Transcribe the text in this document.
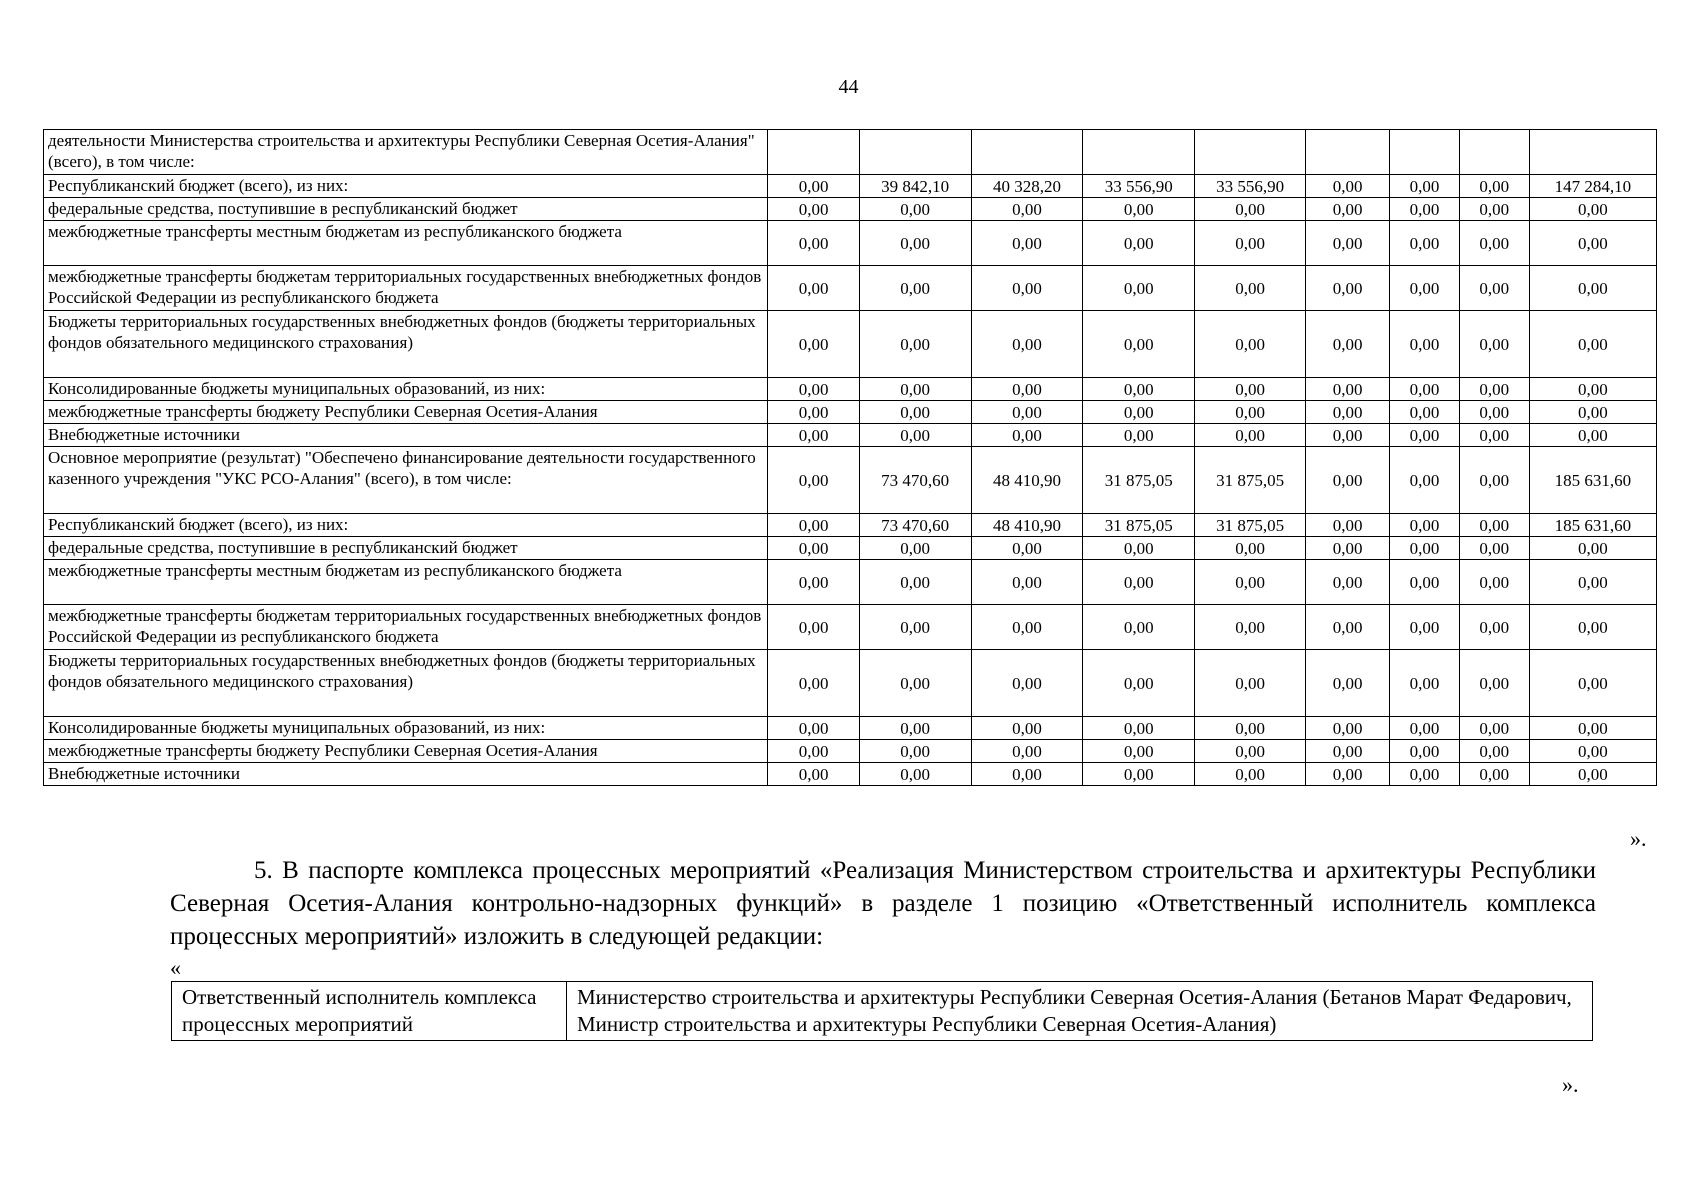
44
деятельности Министерства строительства и архитектуры Республики Северная Осетия-Алания" (всего), в том числе:									
Республиканский бюджет (всего), из них:	0,00	39 842,10	40 328,20	33 556,90	33 556,90	0,00	0,00	0,00	147 284,10
федеральные средства, поступившие в республиканский бюджет	0,00	0,00	0,00	0,00	0,00	0,00	0,00	0,00	0,00
межбюджетные трансферты местным бюджетам из республиканского бюджета	0,00	0,00	0,00	0,00	0,00	0,00	0,00	0,00	0,00
межбюджетные трансферты бюджетам территориальных государственных внебюджетных фондов Российской Федерации из республиканского бюджета	0,00	0,00	0,00	0,00	0,00	0,00	0,00	0,00	0,00
Бюджеты территориальных государственных внебюджетных фондов (бюджеты территориальных фондов обязательного медицинского страхования)	0,00	0,00	0,00	0,00	0,00	0,00	0,00	0,00	0,00
Консолидированные бюджеты муниципальных образований, из них:	0,00	0,00	0,00	0,00	0,00	0,00	0,00	0,00	0,00
межбюджетные трансферты бюджету Республики Северная Осетия-Алания	0,00	0,00	0,00	0,00	0,00	0,00	0,00	0,00	0,00
Внебюджетные источники	0,00	0,00	0,00	0,00	0,00	0,00	0,00	0,00	0,00
Основное мероприятие (результат) "Обеспечено финансирование деятельности государственного казенного учреждения "УКС РСО-Алания" (всего), в том числе:	0,00	73 470,60	48 410,90	31 875,05	31 875,05	0,00	0,00	0,00	185 631,60
Республиканский бюджет (всего), из них:	0,00	73 470,60	48 410,90	31 875,05	31 875,05	0,00	0,00	0,00	185 631,60
федеральные средства, поступившие в республиканский бюджет	0,00	0,00	0,00	0,00	0,00	0,00	0,00	0,00	0,00
межбюджетные трансферты местным бюджетам из республиканского бюджета	0,00	0,00	0,00	0,00	0,00	0,00	0,00	0,00	0,00
межбюджетные трансферты бюджетам территориальных государственных внебюджетных фондов Российской Федерации из республиканского бюджета	0,00	0,00	0,00	0,00	0,00	0,00	0,00	0,00	0,00
Бюджеты территориальных государственных внебюджетных фондов (бюджеты территориальных фондов обязательного медицинского страхования)	0,00	0,00	0,00	0,00	0,00	0,00	0,00	0,00	0,00
Консолидированные бюджеты муниципальных образований, из них:	0,00	0,00	0,00	0,00	0,00	0,00	0,00	0,00	0,00
межбюджетные трансферты бюджету Республики Северная Осетия-Алания	0,00	0,00	0,00	0,00	0,00	0,00	0,00	0,00	0,00
Внебюджетные источники	0,00	0,00	0,00	0,00	0,00	0,00	0,00	0,00	0,00
».
5. В паспорте комплекса процессных мероприятий «Реализация Министерством строительства и архитектуры Республики Северная Осетия-Алания контрольно-надзорных функций» в разделе 1 позицию «Ответственный исполнитель комплекса процессных мероприятий» изложить в следующей редакции:
«
Ответственный исполнитель комплекса процессных мероприятий	Министерство строительства и архитектуры Республики Северная Осетия-Алания (Бетанов Марат Федарович, Министр строительства и архитектуры Республики Северная Осетия-Алания)
».
